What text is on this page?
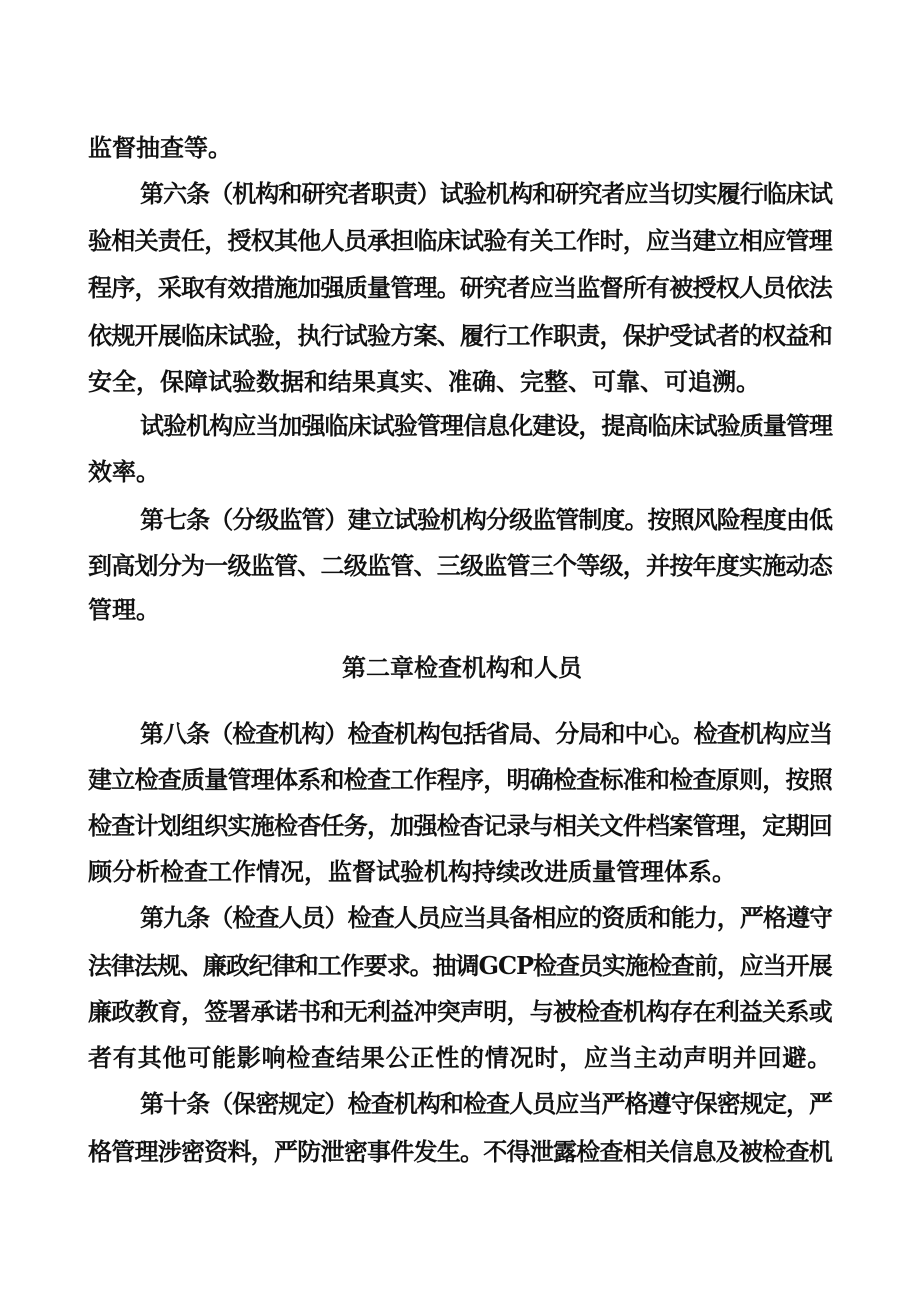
监督抽查等。

第六条（机构和研究者职责）试验机构和研究者应当切实履行临床试

验相关责任，授权其他人员承担临床试验有关工作时，应当建立相应管理

程序，采取有效措施加强质量管理。研究者应当监督所有被授权人员依法

依规开展临床试验，执行试验方案、履行工作职责，保护受试者的权益和

安全，保障试验数据和结果真实、准确、完整、可靠、可追溯。

试验机构应当加强临床试验管理信息化建设，提高临床试验质量管理

效率。

第七条（分级监管）建立试验机构分级监管制度。按照风险程度由低

到高划分为一级监管、二级监管、三级监管三个等级，并按年度实施动态

管理。

第二章检查机构和人员

第八条（检查机构）检查机构包括省局、分局和中心。检查机构应当

建立检查质量管理体系和检查工作程序，明确检查标准和检查原则，按照

检查计划组织实施检杳任务，加强检杳记录与相关文件档案管理，定期回

顾分析检查工作情况，监督试验机构持续改进质量管理体系。

第九条（检查人员）检查人员应当具备相应的资质和能力，严格遵守

法律法规、廉政纪律和工作要求。抽调GCP检查员实施检查前，应当开展

廉政教育，签署承诺书和无利益冲突声明，与被检查机构存在利益关系或

者有其他可能影响检查结果公正性的情况时，应当主动声明并回避。

第十条（保密规定）检查机构和检查人员应当严格遵守保密规定，严

格管理涉密资料，严防泄密事件发生。不得泄露检查相关信息及被检查机
